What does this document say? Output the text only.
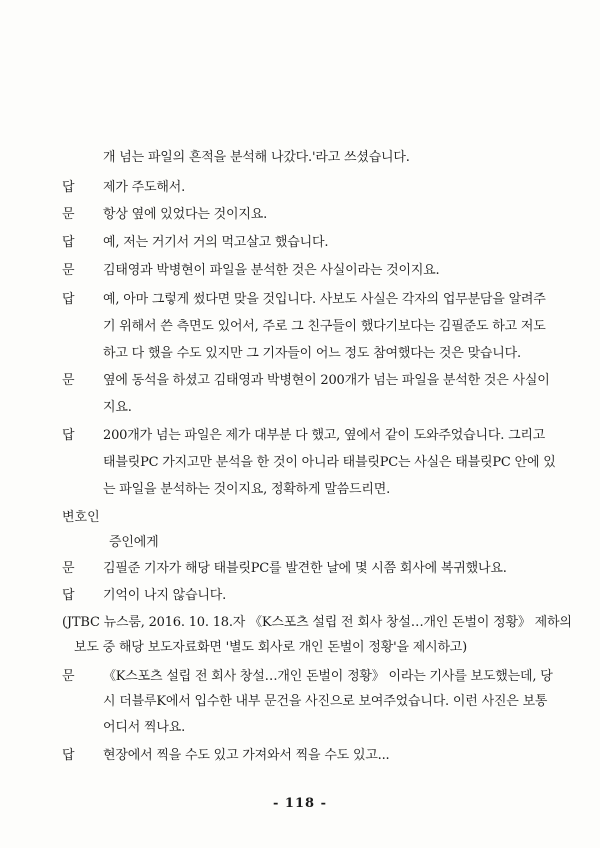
개 넘는 파일의 흔적을 분석해 나갔다.'라고 쓰셨습니다.
답 제가 주도해서.
문 항상 옆에 있었다는 것이지요.
답 예, 저는 거기서 거의 먹고살고 했습니다.
문 김태영과 박병현이 파일을 분석한 것은 사실이라는 것이지요.
답 예, 아마 그렇게 썼다면 맞을 것입니다. 사보도 사실은 각자의 업무분담을 알려주
기 위해서 쓴 측면도 있어서, 주로 그 친구들이 했다기보다는 김필준도 하고 저도
하고 다 했을 수도 있지만 그 기자들이 어느 정도 참여했다는 것은 맞습니다.
문 옆에 동석을 하셨고 김태영과 박병현이 200개가 넘는 파일을 분석한 것은 사실이
지요.
답 200개가 넘는 파일은 제가 대부분 다 했고, 옆에서 같이 도와주었습니다. 그리고
태블릿PC 가지고만 분석을 한 것이 아니라 태블릿PC는 사실은 태블릿PC 안에 있
는 파일을 분석하는 것이지요, 정확하게 말씀드리면.
변호인
증인에게
문 김필준 기자가 해당 태블릿PC를 발견한 날에 몇 시쯤 회사에 복귀했나요.
답 기억이 나지 않습니다.
(JTBC 뉴스룸, 2016. 10. 18.자 《K스포츠 설립 전 회사 창설…개인 돈벌이 정황》 제하의
보도 중 해당 보도자료화면 '별도 회사로 개인 돈벌이 정황'을 제시하고)
문 《K스포츠 설립 전 회사 창설…개인 돈벌이 정황》 이라는 기사를 보도했는데, 당
시 더블루K에서 입수한 내부 문건을 사진으로 보여주었습니다. 이런 사진은 보통
어디서 찍나요.
답 현장에서 찍을 수도 있고 가져와서 찍을 수도 있고...
- 118 -
